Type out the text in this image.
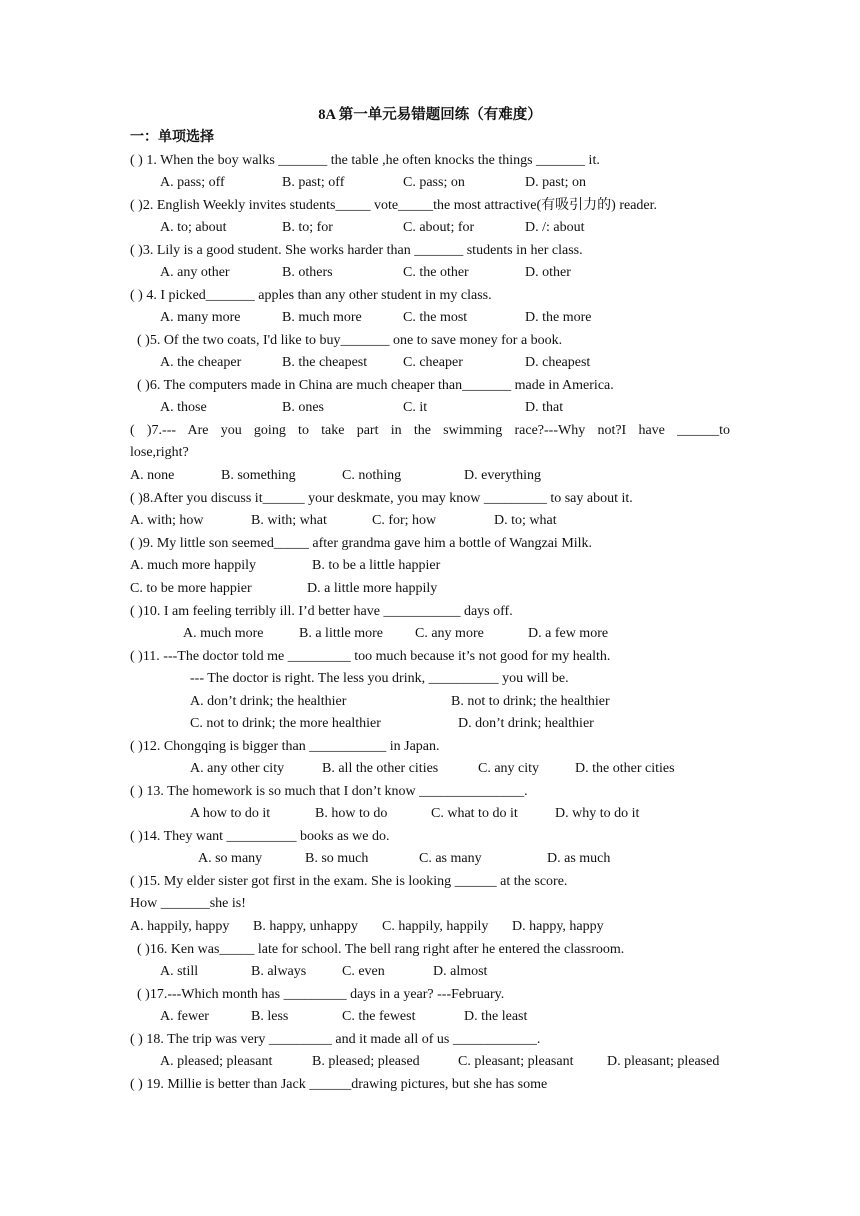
8A 第一单元易错题回练（有难度）
一：单项选择
( ) 1. When the boy walks _______ the table ,he often knocks the things _______ it.
A. pass; off	B. past; off	C. pass; on	D. past; on
( )2. English Weekly invites students_____ vote_____the most attractive(有吸引力的) reader.
A. to; about	B. to; for	C. about; for	D. /: about
( )3. Lily is a good student. She works harder than _______ students in her class.
A. any other	B. others	C. the other	D. other
( ) 4. I picked_______ apples than any other student in my class.
A. many more	B. much more	C. the most	D. the more
( )5. Of the two coats, I'd like to buy_______ one to save money for a book.
A. the cheaper	B. the cheapest	C. cheaper	D. cheapest
( )6. The computers made in China are much cheaper than_______ made in America.
A. those	B. ones	C. it	D. that
( )7.--- Are you going to take part in the swimming race?---Why not?I have ______to
lose,right?
A. none	B. something	C. nothing	D. everything
( )8.After you discuss it______ your deskmate, you may know _________ to say about it.
A. with; how	B. with; what	C. for; how	D. to; what
( )9. My little son seemed_____ after grandma gave him a bottle of Wangzai Milk.
A. much more happily	B. to be a little happier
C. to be more happier	D. a little more happily
( )10. I am feeling terribly ill. I’d better have ___________ days off.
A. much more	B. a little more C. any more	D. a few more
( )11. ---The doctor told me _________ too much because it’s not good for my health.
--- The doctor is right. The less you drink, __________ you will be.
A. don’t drink; the healthier	B. not to drink; the healthier
C. not to drink; the more healthier	D. don’t drink; healthier
( )12. Chongqing is bigger than ___________ in Japan.
A. any other city	B. all the other cities	C. any city	D. the other cities
( ) 13. The homework is so much that I don’t know _______________.
A how to do it	B. how to do	C. what to do it	D. why to do it
( )14. They want __________ books as we do.
A. so many	B. so much	C. as many	D. as much
( )15. My elder sister got first in the exam. She is looking ______ at the score.
How _______she is!
A. happily, happy B. happy, unhappy C. happily, happily D. happy, happy
( )16. Ken was_____ late for school. The bell rang right after he entered the classroom.
A. still	B. always	C. even	D. almost
( )17.---Which month has _________ days in a year? ---February.
A. fewer	B. less	C. the fewest	D. the least
( ) 18. The trip was very _________ and it made all of us ____________.
A. pleased; pleasant	B. pleased; pleased	C. pleasant; pleasant D. pleasant; pleased
( ) 19. Millie is better than Jack ______drawing pictures, but she has some
